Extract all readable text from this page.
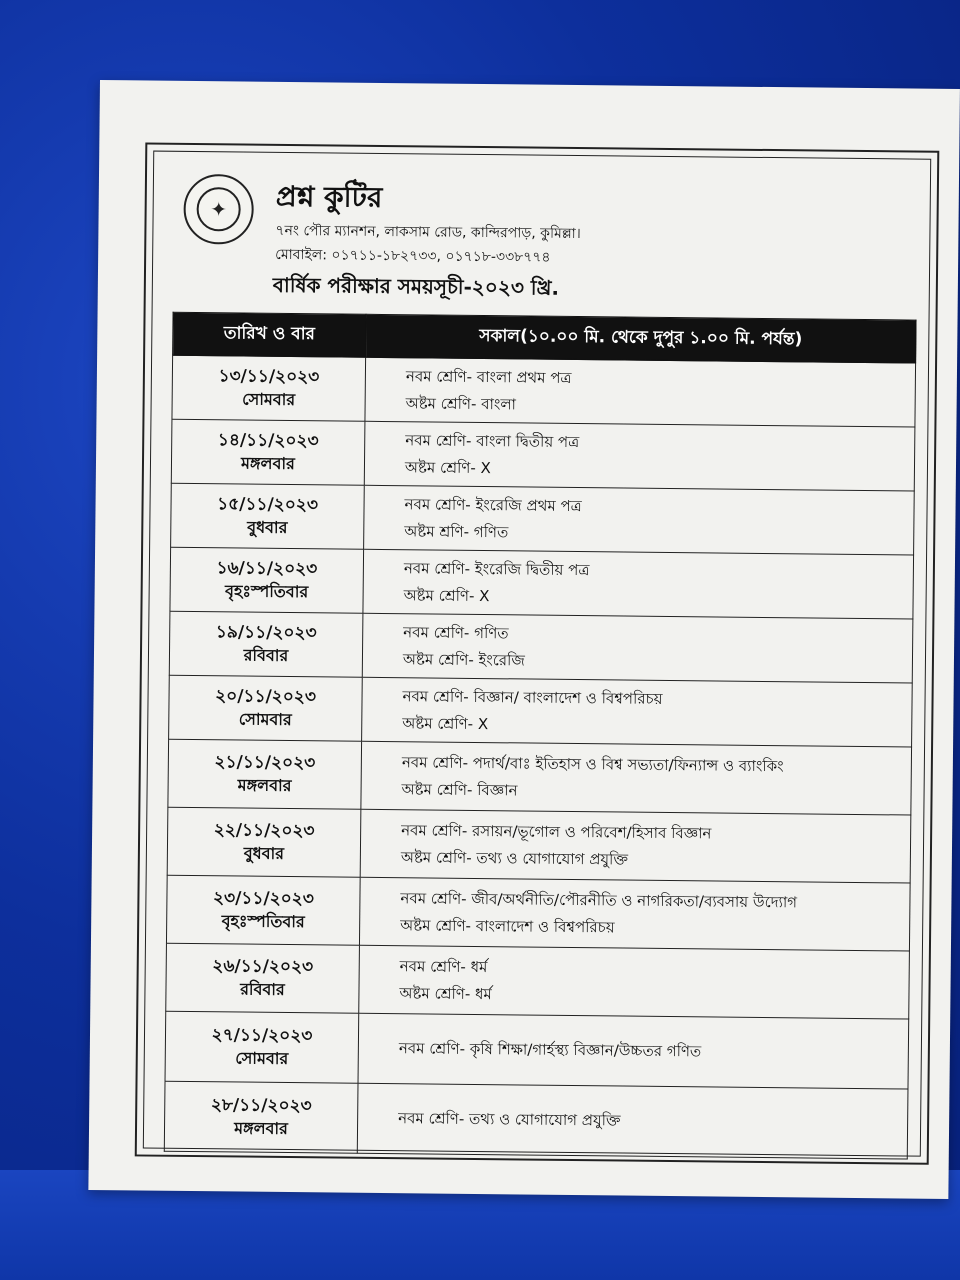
✦	প্রশ্ন কুটির
৭নং পৌর ম্যানশন, লাকসাম রোড, কান্দিরপাড়, কুমিল্লা।
মোবাইল: ০১৭১১-১৮২৭৩৩, ০১৭১৮-৩৩৮৭৭৪
বার্ষিক পরীক্ষার সময়সূচী-২০২৩ খ্রি.
তারিখ ও বার	সকাল(১০.০০ মি. থেকে দুপুর ১.০০ মি. পর্যন্ত)

১৩/১১/২০২৩
সোমবার	নবম শ্রেণি- বাংলা প্রথম পত্র
অষ্টম শ্রেণি- বাংলা

১৪/১১/২০২৩
মঙ্গলবার	নবম শ্রেণি- বাংলা দ্বিতীয় পত্র
অষ্টম শ্রেণি- X

১৫/১১/২০২৩
বুধবার	নবম শ্রেণি- ইংরেজি প্রথম পত্র
অষ্টম শ্রণি- গণিত

১৬/১১/২০২৩
বৃহঃস্পতিবার	নবম শ্রেণি- ইংরেজি দ্বিতীয় পত্র
অষ্টম শ্রেণি- X

১৯/১১/২০২৩
রবিবার	নবম শ্রেণি- গণিত
অষ্টম শ্রেণি- ইংরেজি

২০/১১/২০২৩
সোমবার	নবম শ্রেণি- বিজ্ঞান/ বাংলাদেশ ও বিশ্বপরিচয়
অষ্টম শ্রেণি- X

২১/১১/২০২৩
মঙ্গলবার	নবম শ্রেণি- পদার্থ/বাঃ ইতিহাস ও বিশ্ব সভ্যতা/ফিন্যান্স ও ব্যাংকিং
অষ্টম শ্রেণি- বিজ্ঞান

২২/১১/২০২৩
বুধবার	নবম শ্রেণি- রসায়ন/ভূগোল ও পরিবেশ/হিসাব বিজ্ঞান
অষ্টম শ্রেণি- তথ্য ও যোগাযোগ প্রযুক্তি

২৩/১১/২০২৩
বৃহঃস্পতিবার	নবম শ্রেণি- জীব/অর্থনীতি/পৌরনীতি ও নাগরিকতা/ব্যবসায় উদ্যোগ
অষ্টম শ্রেণি- বাংলাদেশ ও বিশ্বপরিচয়

২৬/১১/২০২৩
রবিবার	নবম শ্রেণি- ধর্ম
অষ্টম শ্রেণি- ধর্ম

২৭/১১/২০২৩
সোমবার	নবম শ্রেণি- কৃষি শিক্ষা/গার্হস্থ্য বিজ্ঞান/উচ্চতর গণিত

২৮/১১/২০২৩
মঙ্গলবার	নবম শ্রেণি- তথ্য ও যোগাযোগ প্রযুক্তি
